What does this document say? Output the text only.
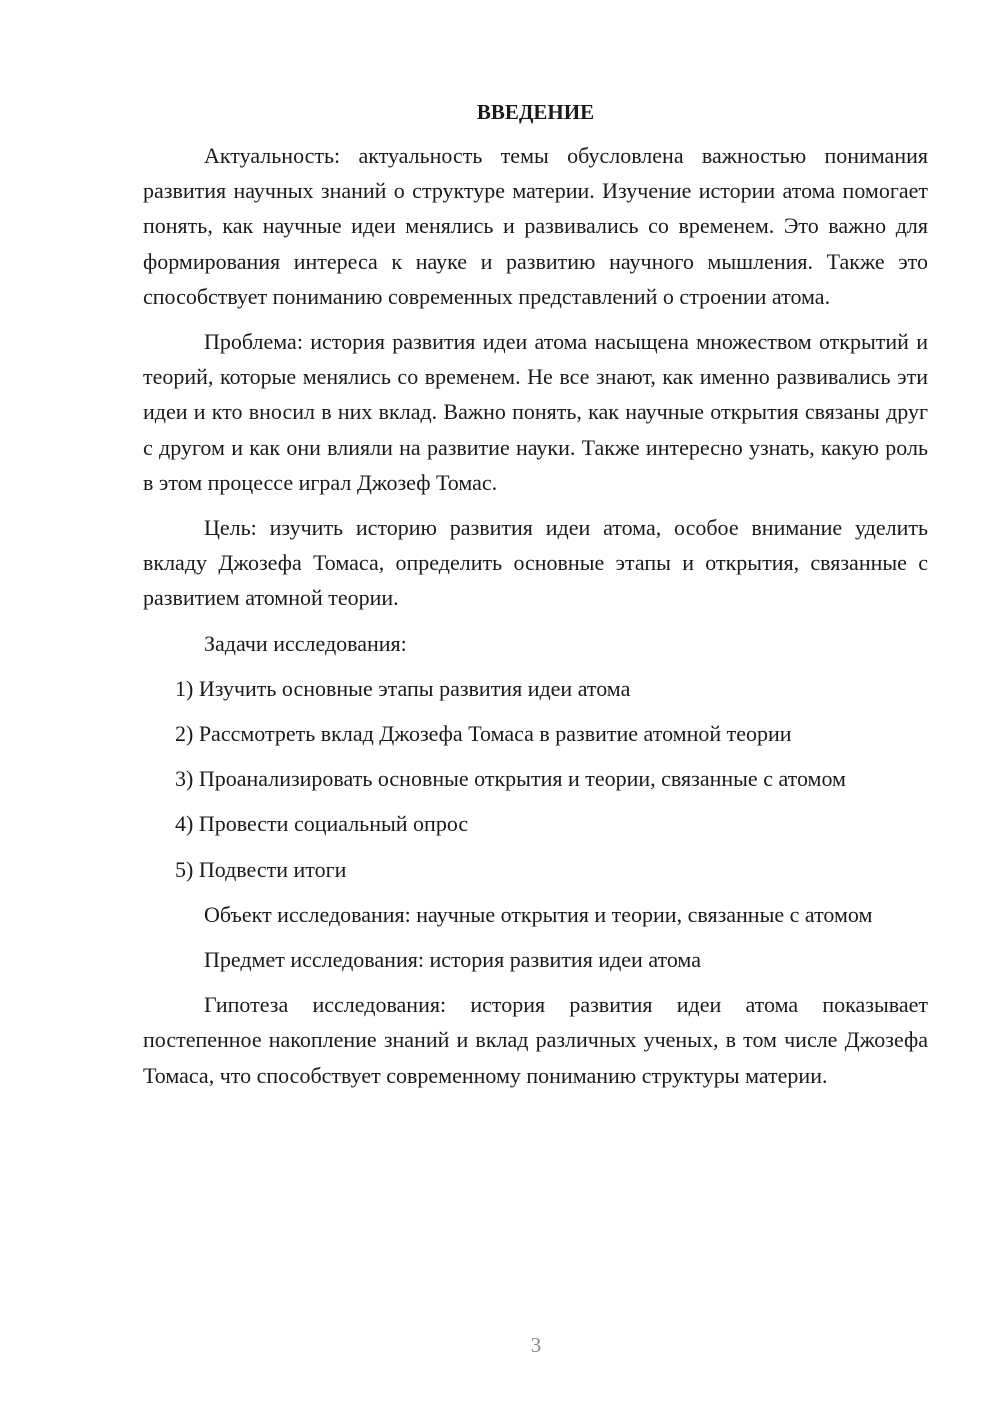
ВВЕДЕНИЕ

Актуальность: актуальность темы обусловлена важностью понимания развития научных знаний о структуре материи. Изучение истории атома помогает понять, как научные идеи менялись и развивались со временем. Это важно для формирования интереса к науке и развитию научного мышления. Также это способствует пониманию современных представлений о строении атома.

Проблема: история развития идеи атома насыщена множеством открытий и теорий, которые менялись со временем. Не все знают, как именно развивались эти идеи и кто вносил в них вклад. Важно понять, как научные открытия связаны друг с другом и как они влияли на развитие науки. Также интересно узнать, какую роль в этом процессе играл Джозеф Томас.

Цель: изучить историю развития идеи атома, особое внимание уделить вкладу Джозефа Томаса, определить основные этапы и открытия, связанные с развитием атомной теории.

Задачи исследования:

1) Изучить основные этапы развития идеи атома

2) Рассмотреть вклад Джозефа Томаса в развитие атомной теории

3) Проанализировать основные открытия и теории, связанные с атомом

4) Провести социальный опрос

5) Подвести итоги

Объект исследования: научные открытия и теории, связанные с атомом

Предмет исследования: история развития идеи атома

Гипотеза исследования: история развития идеи атома показывает постепенное накопление знаний и вклад различных ученых, в том числе Джозефа Томаса, что способствует современному пониманию структуры материи.

3
